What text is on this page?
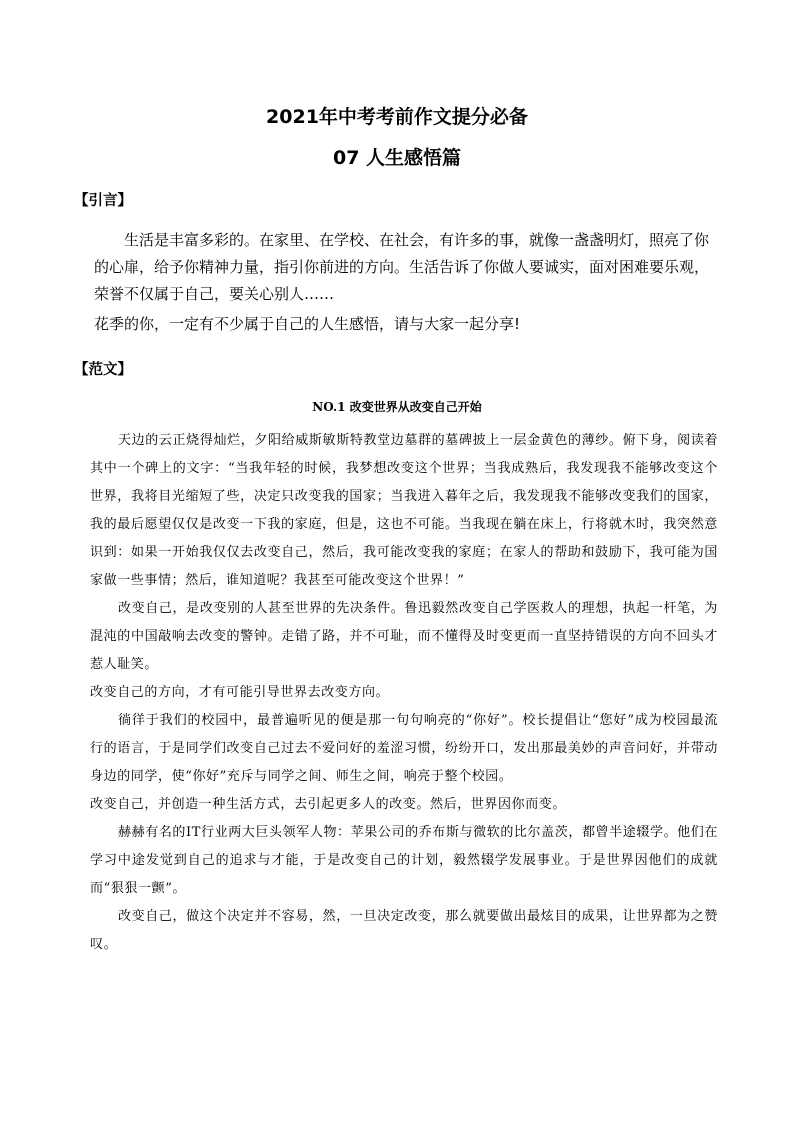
2021年中考考前作文提分必备
07 人生感悟篇
【引言】

生活是丰富多彩的。在家里、在学校、在社会，有许多的事，就像一盏盏明灯，照亮了你的心扉，给予你精神力量，指引你前进的方向。生活告诉了你做人要诚实，面对困难要乐观，荣誉不仅属于自己，要关心别人……

花季的你，一定有不少属于自己的人生感悟，请与大家一起分享!

【范文】
NO.1 改变世界从改变自己开始

天边的云正烧得灿烂，夕阳给威斯敏斯特教堂边墓群的墓碑披上一层金黄色的薄纱。俯下身，阅读着其中一个碑上的文字：“当我年轻的时候，我梦想改变这个世界；当我成熟后，我发现我不能够改变这个世界，我将目光缩短了些，决定只改变我的国家；当我进入暮年之后，我发现我不能够改变我们的国家，我的最后愿望仅仅是改变一下我的家庭，但是，这也不可能。当我现在躺在床上，行将就木时，我突然意识到：如果一开始我仅仅去改变自己，然后，我可能改变我的家庭；在家人的帮助和鼓励下，我可能为国家做一些事情；然后，谁知道呢？我甚至可能改变这个世界！”

改变自己，是改变别的人甚至世界的先决条件。鲁迅毅然改变自己学医救人的理想，执起一杆笔，为混沌的中国敲响去改变的警钟。走错了路，并不可耻，而不懂得及时变更而一直坚持错误的方向不回头才惹人耻笑。

改变自己的方向，才有可能引导世界去改变方向。

徜徉于我们的校园中，最普遍听见的便是那一句句响亮的“你好”。校长提倡让“您好”成为校园最流行的语言，于是同学们改变自己过去不爱问好的羞涩习惯，纷纷开口，发出那最美妙的声音问好，并带动身边的同学，使“你好”充斥与同学之间、师生之间，响亮于整个校园。

改变自己，并创造一种生活方式，去引起更多人的改变。然后，世界因你而变。

赫赫有名的IT行业两大巨头领军人物：苹果公司的乔布斯与微软的比尔盖茨，都曾半途辍学。他们在学习中途发觉到自己的追求与才能，于是改变自己的计划，毅然辍学发展事业。于是世界因他们的成就而“狠狠一颤”。

改变自己，做这个决定并不容易，然，一旦决定改变，那么就要做出最炫目的成果，让世界都为之赞叹。
